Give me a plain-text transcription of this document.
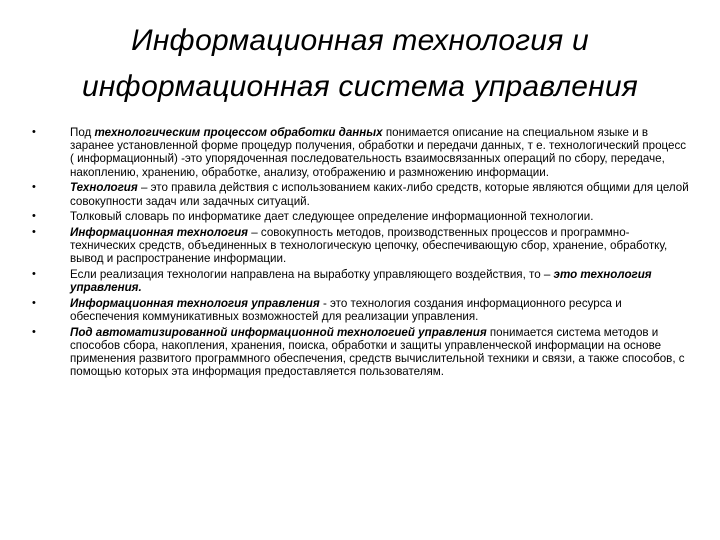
Информационная технология и
информационная система управления
•	Под технологическим процессом обработки данных понимается описание на специальном языке и в заранее установленной форме процедур получения, обработки и передачи данных, т е. технологический процесс ( информационный) -это упорядоченная последовательность взаимосвязанных операций по сбору, передаче, накоплению, хранению, обработке, анализу, отображению и размножению информации.
•	Технология – это правила действия с использованием каких-либо средств, которые являются общими для целой совокупности задач или задачных ситуаций.
•	Толковый словарь по информатике дает следующее определение информационной технологии.
•	Информационная технология – совокупность методов, производственных процессов и программно-технических средств, объединенных в технологическую цепочку, обеспечивающую сбор, хранение, обработку, вывод и распространение информации.
•	Если реализация технологии направлена на выработку управляющего воздействия, то – это технология управления.
•	Информационная технология управления - это технология создания информационного ресурса и обеспечения коммуникативных возможностей для реализации управления.
•	Под автоматизированной информационной технологией управления понимается система методов и способов сбора, накопления, хранения, поиска, обработки и защиты управленческой информации на основе применения развитого программного обеспечения, средств вычислительной техники и связи, а также способов, с помощью которых эта информация предоставляется пользователям.
